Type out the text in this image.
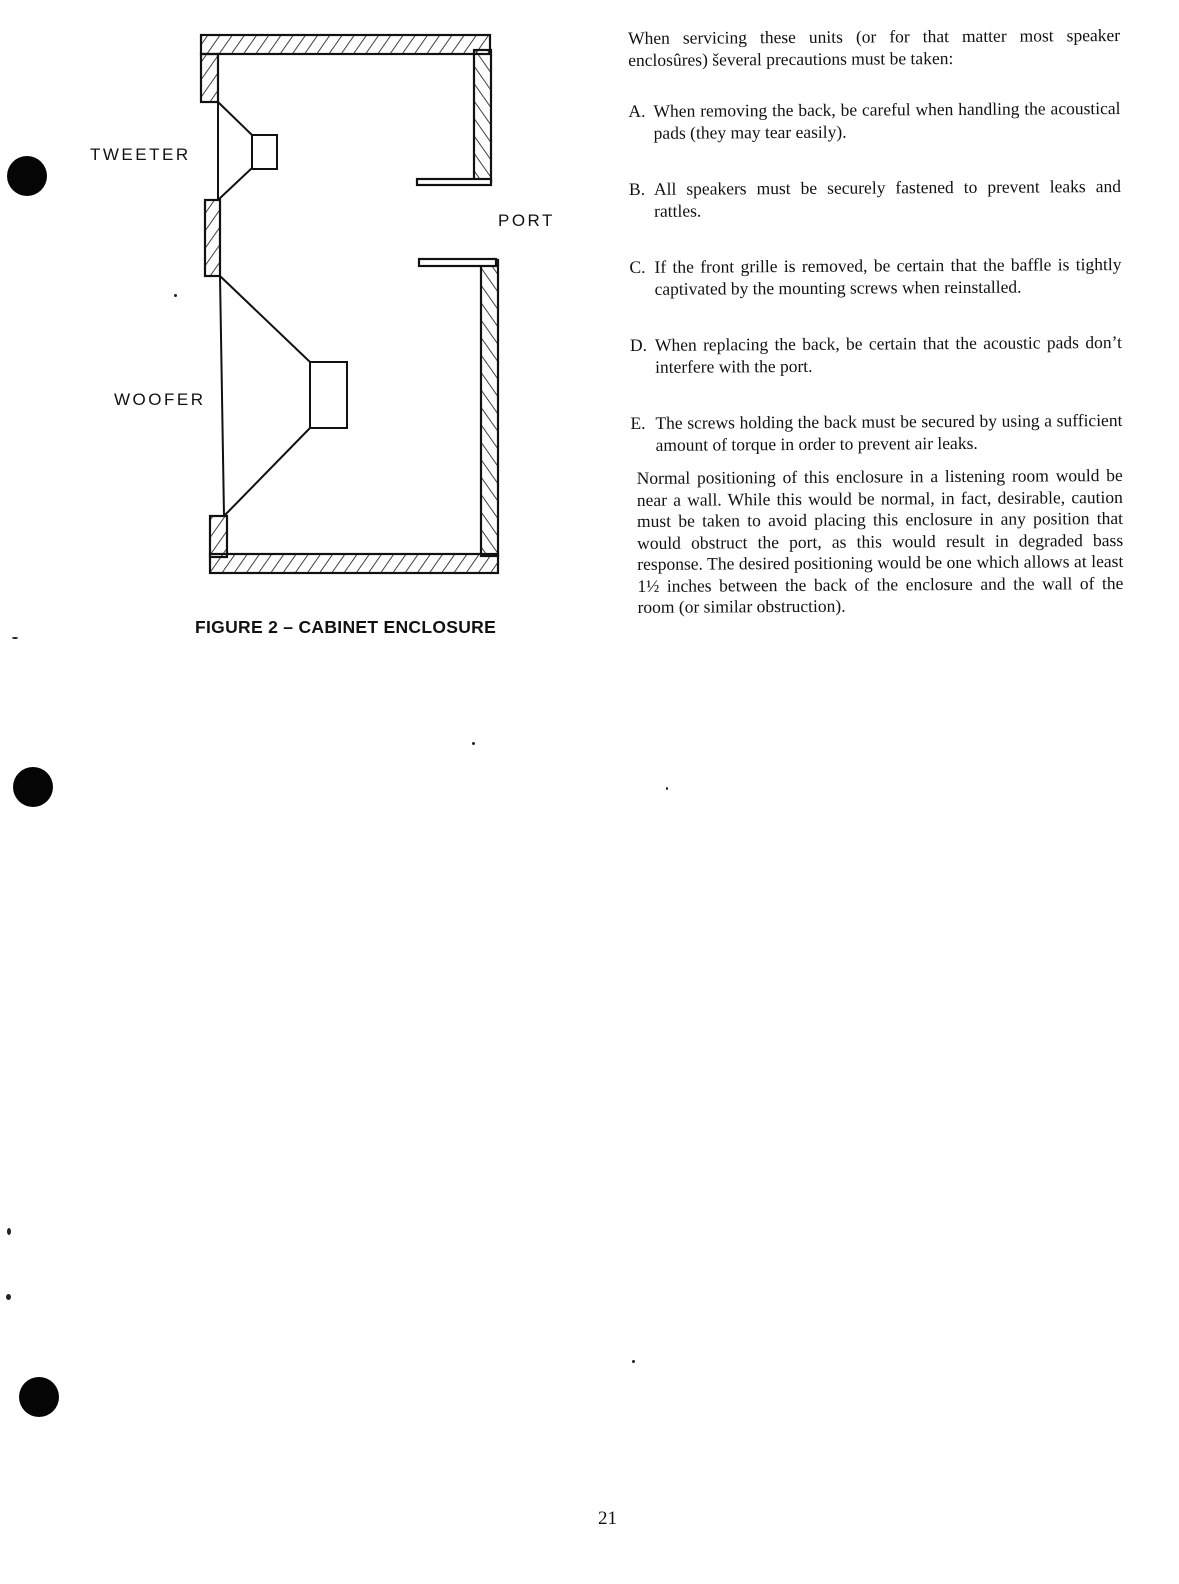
TWEETER
PORT
WOOFER
FIGURE 2 – CABINET ENCLOSURE

When servicing these units (or for that matter most speaker enclosûres) ševeral precautions must be taken:

A. When removing the back, be careful when handling the acoustical pads (they may tear easily).

B. All speakers must be securely fastened to prevent leaks and rattles.

C. If the front grille is removed, be certain that the baffle is tightly captivated by the mounting screws when reinstalled.

D. When replacing the back, be certain that the acoustic pads don’t interfere with the port.

E. The screws holding the back must be secured by using a sufficient amount of torque in order to prevent air leaks.

Normal positioning of this enclosure in a listening room would be near a wall. While this would be normal, in fact, desirable, caution must be taken to avoid placing this enclosure in any position that would obstruct the port, as this would result in degraded bass response. The desired positioning would be one which allows at least 1½ inches between the back of the enclosure and the wall of the room (or similar obstruction).

21
